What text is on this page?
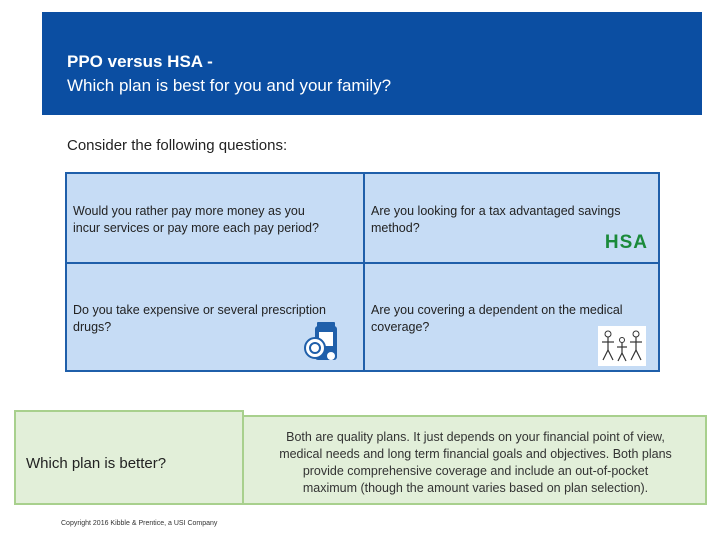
PPO versus HSA -
Which plan is best for you and your family?
Consider the following questions:
Would you rather pay more money as you
incur services or pay more each pay period?
Are you looking for a tax advantaged savings
method?
HSA
Do you take expensive or several prescription
drugs?
Are you covering a dependent on the medical
coverage?
Which plan is better?

Both are quality plans. It just depends on your financial point of view,
medical needs and long term financial goals and objectives. Both plans
provide comprehensive coverage and include an out-of-pocket
maximum (though the amount varies based on plan selection).

Copyright 2016 Kibble & Prentice, a USI Company
